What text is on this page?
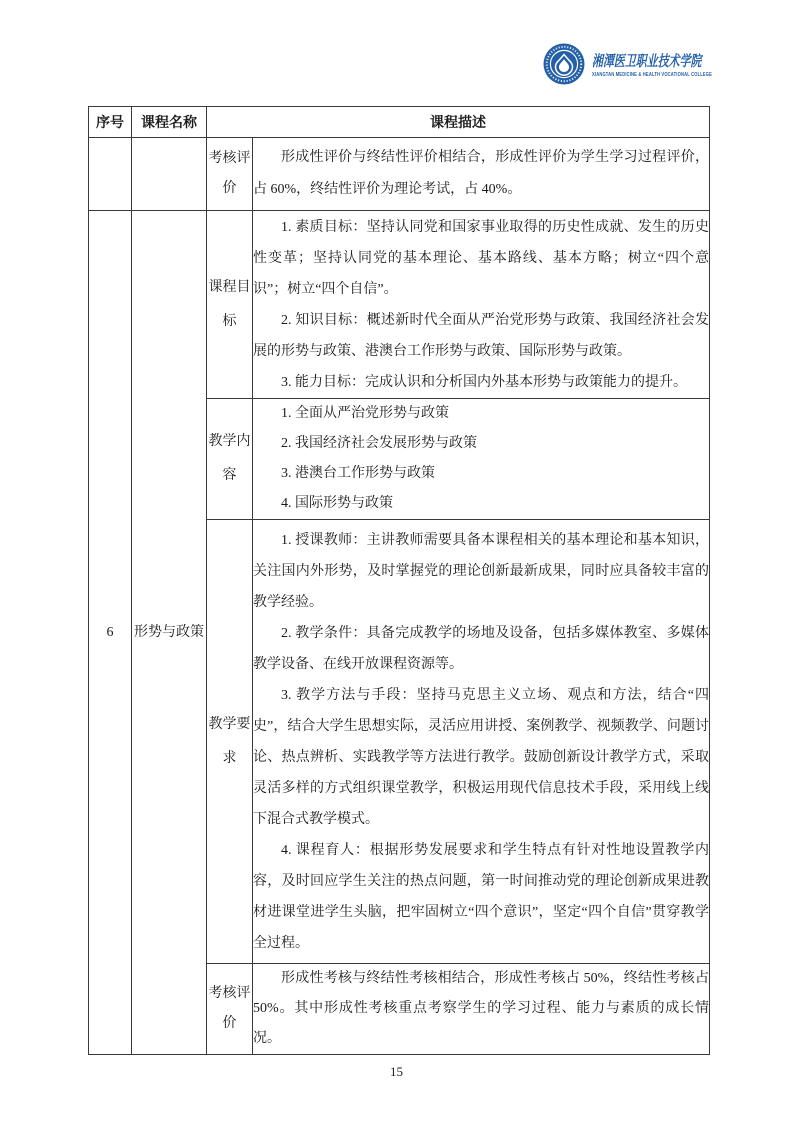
湘潭医卫职业技术学院
XIANGTAN MEDICINE & HEALTH VOCATIONAL COLLEGE
序号	课程名称	课程描述	
		考核评价	形成性评价与终结性评价相结合，形成性评价为学生学习过程评价，占 60%，终结性评价为理论考试，占 40%。

6	形势与政策	课程目标	1. 素质目标：坚持认同党和国家事业取得的历史性成就、发生的历史性变革；坚持认同党的基本理论、基本路线、基本方略；树立“四个意识”；树立“四个自信”。

2. 知识目标：概述新时代全面从严治党形势与政策、我国经济社会发展的形势与政策、港澳台工作形势与政策、国际形势与政策。

3. 能力目标：完成认识和分析国内外基本形势与政策能力的提升。

		教学内容	1. 全面从严治党形势与政策

2. 我国经济社会发展形势与政策

3. 港澳台工作形势与政策

4. 国际形势与政策

		教学要求	1. 授课教师：主讲教师需要具备本课程相关的基本理论和基本知识，关注国内外形势，及时掌握党的理论创新最新成果，同时应具备较丰富的教学经验。

2. 教学条件：具备完成教学的场地及设备，包括多媒体教室、多媒体教学设备、在线开放课程资源等。

3. 教学方法与手段：坚持马克思主义立场、观点和方法，结合“四史”，结合大学生思想实际，灵活应用讲授、案例教学、视频教学、问题讨论、热点辨析、实践教学等方法进行教学。鼓励创新设计教学方式，采取灵活多样的方式组织课堂教学，积极运用现代信息技术手段，采用线上线下混合式教学模式。

4. 课程育人：根据形势发展要求和学生特点有针对性地设置教学内容，及时回应学生关注的热点问题，第一时间推动党的理论创新成果进教材进课堂进学生头脑，把牢固树立“四个意识”，坚定“四个自信”贯穿教学全过程。

		考核评价	形成性考核与终结性考核相结合，形成性考核占 50%，终结性考核占 50%。其中形成性考核重点考察学生的学习过程、能力与素质的成长情况。

15
